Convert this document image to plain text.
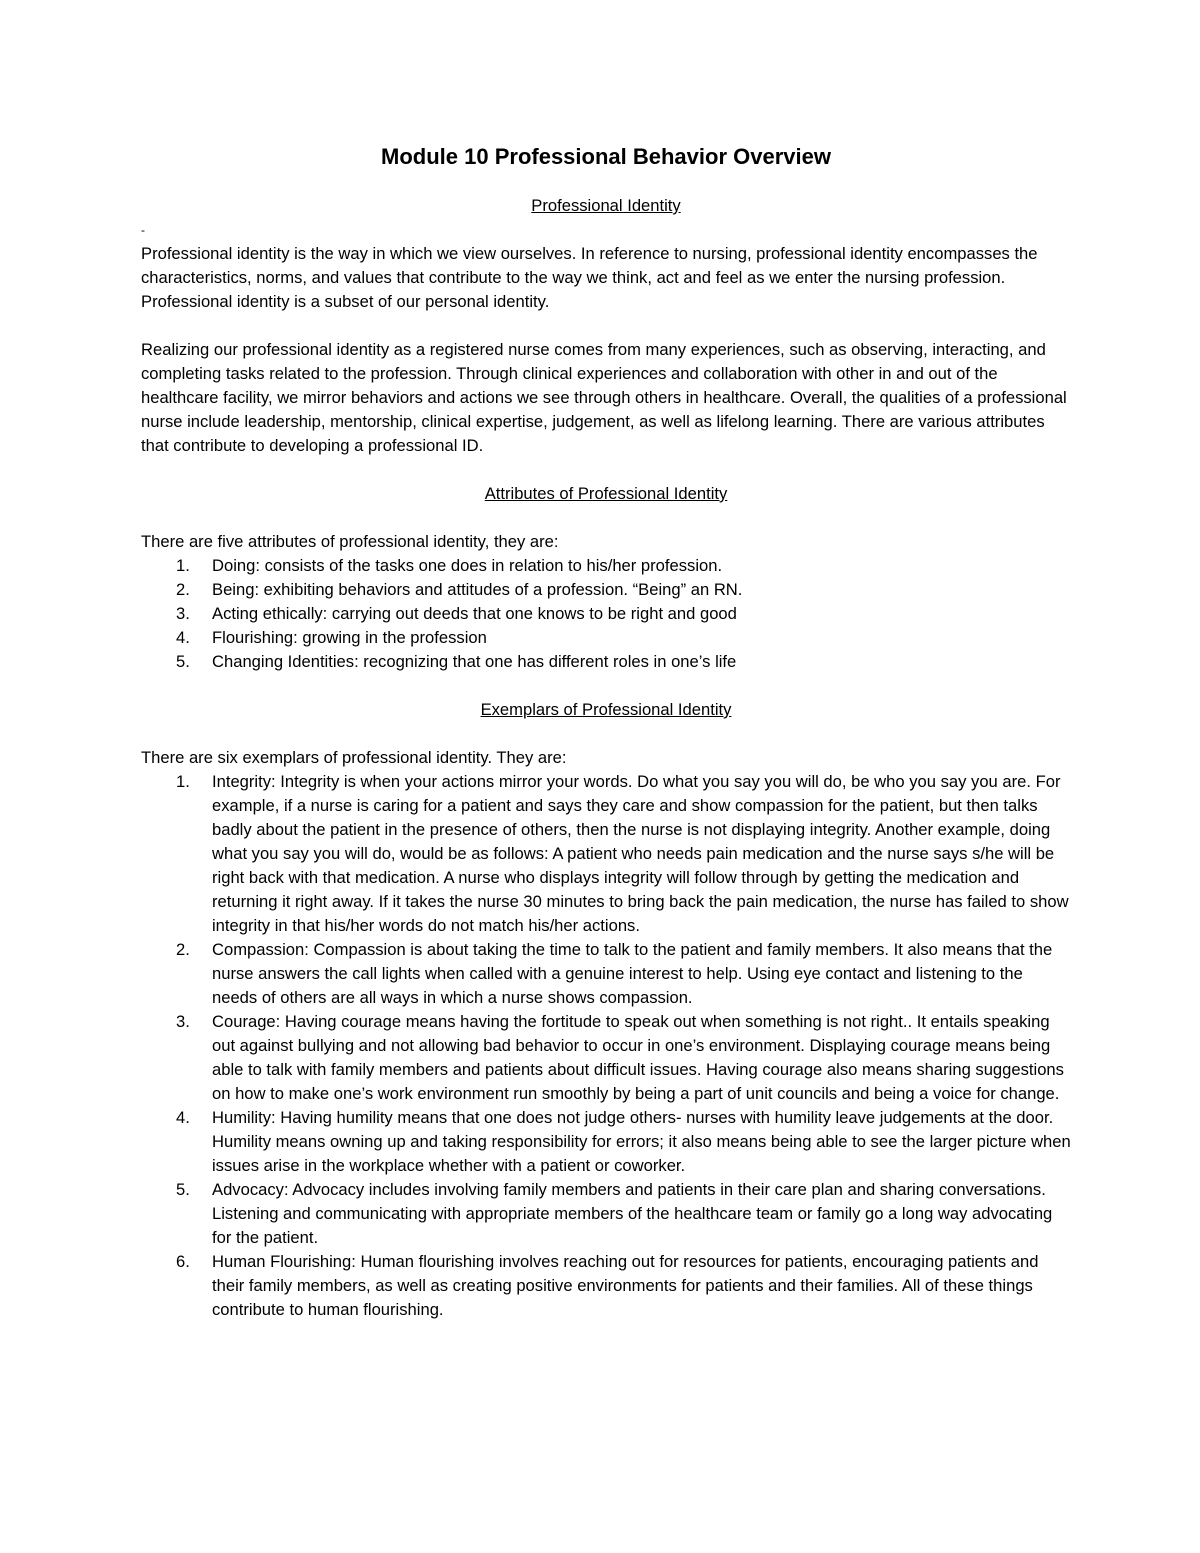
Module 10 Professional Behavior Overview
Professional Identity
-

Professional identity is the way in which we view ourselves. In reference to nursing, professional identity encompasses the characteristics, norms, and values that contribute to the way we think, act and feel as we enter the nursing profession. Professional identity is a subset of our personal identity.

Realizing our professional identity as a registered nurse comes from many experiences, such as observing, interacting, and completing tasks related to the profession. Through clinical experiences and collaboration with other in and out of the healthcare facility, we mirror behaviors and actions we see through others in healthcare. Overall, the qualities of a professional nurse include leadership, mentorship, clinical expertise, judgement, as well as lifelong learning. There are various attributes that contribute to developing a professional ID.

Attributes of Professional Identity

There are five attributes of professional identity, they are:

1. Doing: consists of the tasks one does in relation to his/her profession.
2. Being: exhibiting behaviors and attitudes of a profession. “Being” an RN.
3. Acting ethically: carrying out deeds that one knows to be right and good
4. Flourishing: growing in the profession
5. Changing Identities: recognizing that one has different roles in one’s life
Exemplars of Professional Identity

There are six exemplars of professional identity. They are:

1. Integrity: Integrity is when your actions mirror your words. Do what you say you will do, be who you say you are. For example, if a nurse is caring for a patient and says they care and show compassion for the patient, but then talks badly about the patient in the presence of others, then the nurse is not displaying integrity. Another example, doing what you say you will do, would be as follows: A patient who needs pain medication and the nurse says s/he will be right back with that medication. A nurse who displays integrity will follow through by getting the medication and returning it right away. If it takes the nurse 30 minutes to bring back the pain medication, the nurse has failed to show integrity in that his/her words do not match his/her actions.
2. Compassion: Compassion is about taking the time to talk to the patient and family members. It also means that the nurse answers the call lights when called with a genuine interest to help. Using eye contact and listening to the needs of others are all ways in which a nurse shows compassion.
3. Courage: Having courage means having the fortitude to speak out when something is not right.. It entails speaking out against bullying and not allowing bad behavior to occur in one’s environment. Displaying courage means being able to talk with family members and patients about difficult issues. Having courage also means sharing suggestions on how to make one’s work environment run smoothly by being a part of unit councils and being a voice for change.
4. Humility: Having humility means that one does not judge others- nurses with humility leave judgements at the door. Humility means owning up and taking responsibility for errors; it also means being able to see the larger picture when issues arise in the workplace whether with a patient or coworker.
5. Advocacy: Advocacy includes involving family members and patients in their care plan and sharing conversations. Listening and communicating with appropriate members of the healthcare team or family go a long way advocating for the patient.
6. Human Flourishing: Human flourishing involves reaching out for resources for patients, encouraging patients and their family members, as well as creating positive environments for patients and their families. All of these things contribute to human flourishing.
